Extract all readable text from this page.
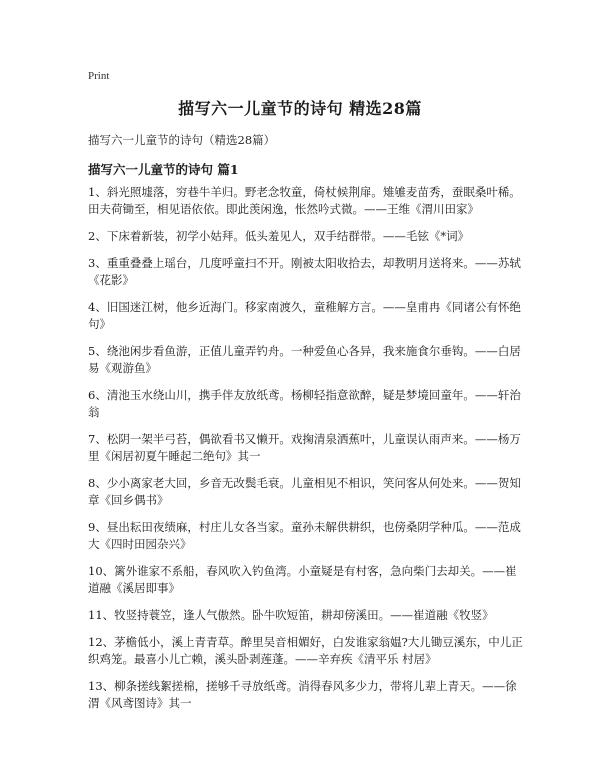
Print
描写六一儿童节的诗句 精选28篇
描写六一儿童节的诗句（精选28篇）
描写六一儿童节的诗句 篇1
1、斜光照墟落，穷巷牛羊归。野老念牧童，倚杖候荆扉。雉雊麦苗秀，蚕眠桑叶稀。田夫荷锄至，相见语依依。即此羡闲逸，怅然吟式微。——王维《渭川田家》
2、下床着新装，初学小姑拜。低头羞见人，双手结群带。——毛铉《*词》
3、重重叠叠上瑶台，几度呼童扫不开。刚被太阳收拾去，却教明月送将来。——苏轼《花影》
4、旧国迷江树，他乡近海门。移家南渡久，童稚解方言。——皇甫冉《同诸公有怀绝句》
5、绕池闲步看鱼游，正值儿童弄钓舟。一种爱鱼心各异，我来施食尔垂钩。——白居易《观游鱼》
6、清池玉水绕山川，携手伴友放纸鸢。杨柳轻指意欲醉，疑是梦境回童年。——轩治翁
7、松阴一架半弓苔，偶欲看书又懒开。戏掬清泉洒蕉叶，儿童误认雨声来。——杨万里《闲居初夏午睡起二绝句》其一
8、少小离家老大回，乡音无改鬓毛衰。儿童相见不相识，笑问客从何处来。——贺知章《回乡偶书》
9、昼出耘田夜绩麻，村庄儿女各当家。童孙未解供耕织，也傍桑阴学种瓜。——范成大《四时田园杂兴》
10、篱外谁家不系船，春风吹入钓鱼湾。小童疑是有村客，急向柴门去却关。——崔道融《溪居即事》
11、牧竖持蓑笠，逢人气傲然。卧牛吹短笛，耕却傍溪田。——崔道融《牧竖》
12、茅檐低小，溪上青青草。醉里吴音相媚好，白发谁家翁媪?大儿锄豆溪东，中儿正织鸡笼。最喜小儿亡赖，溪头卧剥莲蓬。——辛弃疾《清平乐 村居》
13、柳条搓线絮搓棉，搓够千寻放纸鸢。消得春风多少力，带将儿辈上青天。——徐渭《风鸢图诗》其一
